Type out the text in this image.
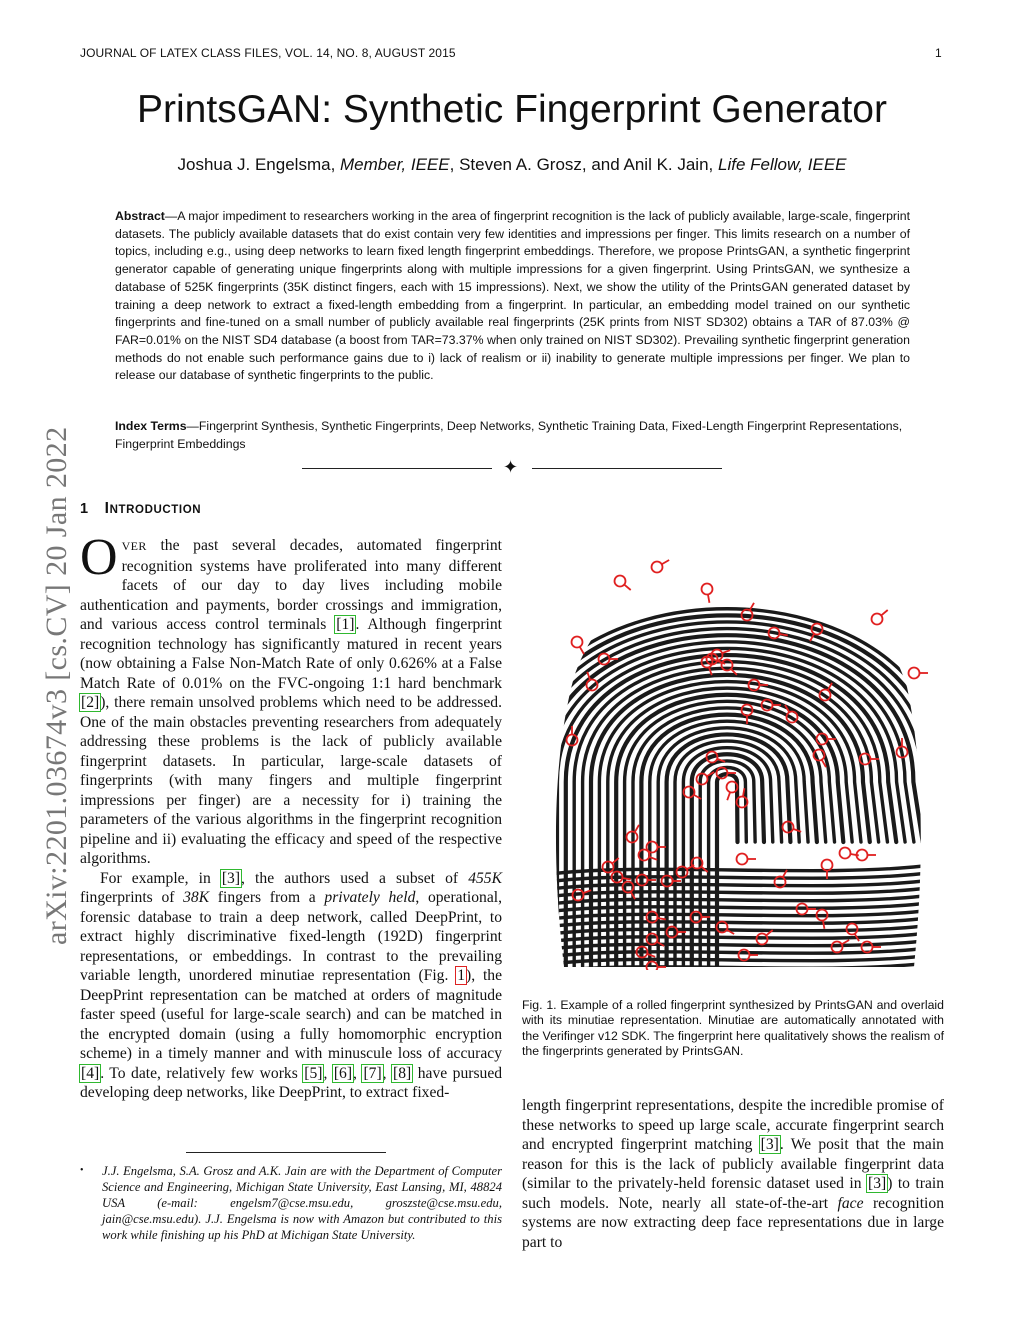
JOURNAL OF LATEX CLASS FILES, VOL. 14, NO. 8, AUGUST 2015	1
arXiv:2201.03674v3 [cs.CV] 20 Jan 2022
PrintsGAN: Synthetic Fingerprint Generator
Joshua J. Engelsma, Member, IEEE, Steven A. Grosz, and Anil K. Jain, Life Fellow, IEEE
Abstract—A major impediment to researchers working in the area of fingerprint recognition is the lack of publicly available, large-scale, fingerprint datasets. The publicly available datasets that do exist contain very few identities and impressions per finger. This limits research on a number of topics, including e.g., using deep networks to learn fixed length fingerprint embeddings. Therefore, we propose PrintsGAN, a synthetic fingerprint generator capable of generating unique fingerprints along with multiple impressions for a given fingerprint. Using PrintsGAN, we synthesize a database of 525K fingerprints (35K distinct fingers, each with 15 impressions). Next, we show the utility of the PrintsGAN generated dataset by training a deep network to extract a fixed-length embedding from a fingerprint. In particular, an embedding model trained on our synthetic fingerprints and fine-tuned on a small number of publicly available real fingerprints (25K prints from NIST SD302) obtains a TAR of 87.03% @ FAR=0.01% on the NIST SD4 database (a boost from TAR=73.37% when only trained on NIST SD302). Prevailing synthetic fingerprint generation methods do not enable such performance gains due to i) lack of realism or ii) inability to generate multiple impressions per finger. We plan to release our database of synthetic fingerprints to the public.
Index Terms—Fingerprint Synthesis, Synthetic Fingerprints, Deep Networks, Synthetic Training Data, Fixed-Length Fingerprint Representations, Fingerprint Embeddings
✦
1 INTRODUCTION

OVER the past several decades, automated fingerprint recognition systems have proliferated into many different facets of our day to day lives including mobile authentication and payments, border crossings and immigration, and various access control terminals [1]. Although fingerprint recognition technology has significantly matured in recent years (now obtaining a False Non-Match Rate of only 0.626% at a False Match Rate of 0.01% on the FVC-ongoing 1:1 hard benchmark [2]), there remain unsolved problems which need to be addressed. One of the main obstacles preventing researchers from adequately addressing these problems is the lack of publicly available fingerprint datasets. In particular, large-scale datasets of fingerprints (with many fingers and multiple fingerprint impressions per finger) are a necessity for i) training the parameters of the various algorithms in the fingerprint recognition pipeline and ii) evaluating the efficacy and speed of the respective algorithms.

For example, in [3], the authors used a subset of 455K fingerprints of 38K fingers from a privately held, operational, forensic database to train a deep network, called DeepPrint, to extract highly discriminative fixed-length (192D) fingerprint representations, or embeddings. In contrast to the prevailing variable length, unordered minutiae representation (Fig. 1), the DeepPrint representation can be matched at orders of magnitude faster speed (useful for large-scale search) and can be matched in the encrypted domain (using a fully homomorphic encryption scheme) in a timely manner and with minuscule loss of accuracy [4]. To date, relatively few works [5], [6], [7], [8] have pursued developing deep networks, like DeepPrint, to extract fixed-

•	J.J. Engelsma, S.A. Grosz and A.K. Jain are with the Department of Computer Science and Engineering, Michigan State University, East Lansing, MI, 48824 USA (e-mail: engelsm7@cse.msu.edu, groszste@cse.msu.edu, jain@cse.msu.edu). J.J. Engelsma is now with Amazon but contributed to this work while finishing up his PhD at Michigan State University.
Fig. 1. Example of a rolled fingerprint synthesized by PrintsGAN and overlaid with its minutiae representation. Minutiae are automatically annotated with the Verifinger v12 SDK. The fingerprint here qualitatively shows the realism of the fingerprints generated by PrintsGAN.
length fingerprint representations, despite the incredible promise of these networks to speed up large scale, accurate fingerprint search and encrypted fingerprint matching [3]. We posit that the main reason for this is the lack of publicly available fingerprint data (similar to the privately-held forensic dataset used in [3]) to train such models. Note, nearly all state-of-the-art face recognition systems are now extracting deep face representations due in large part to
